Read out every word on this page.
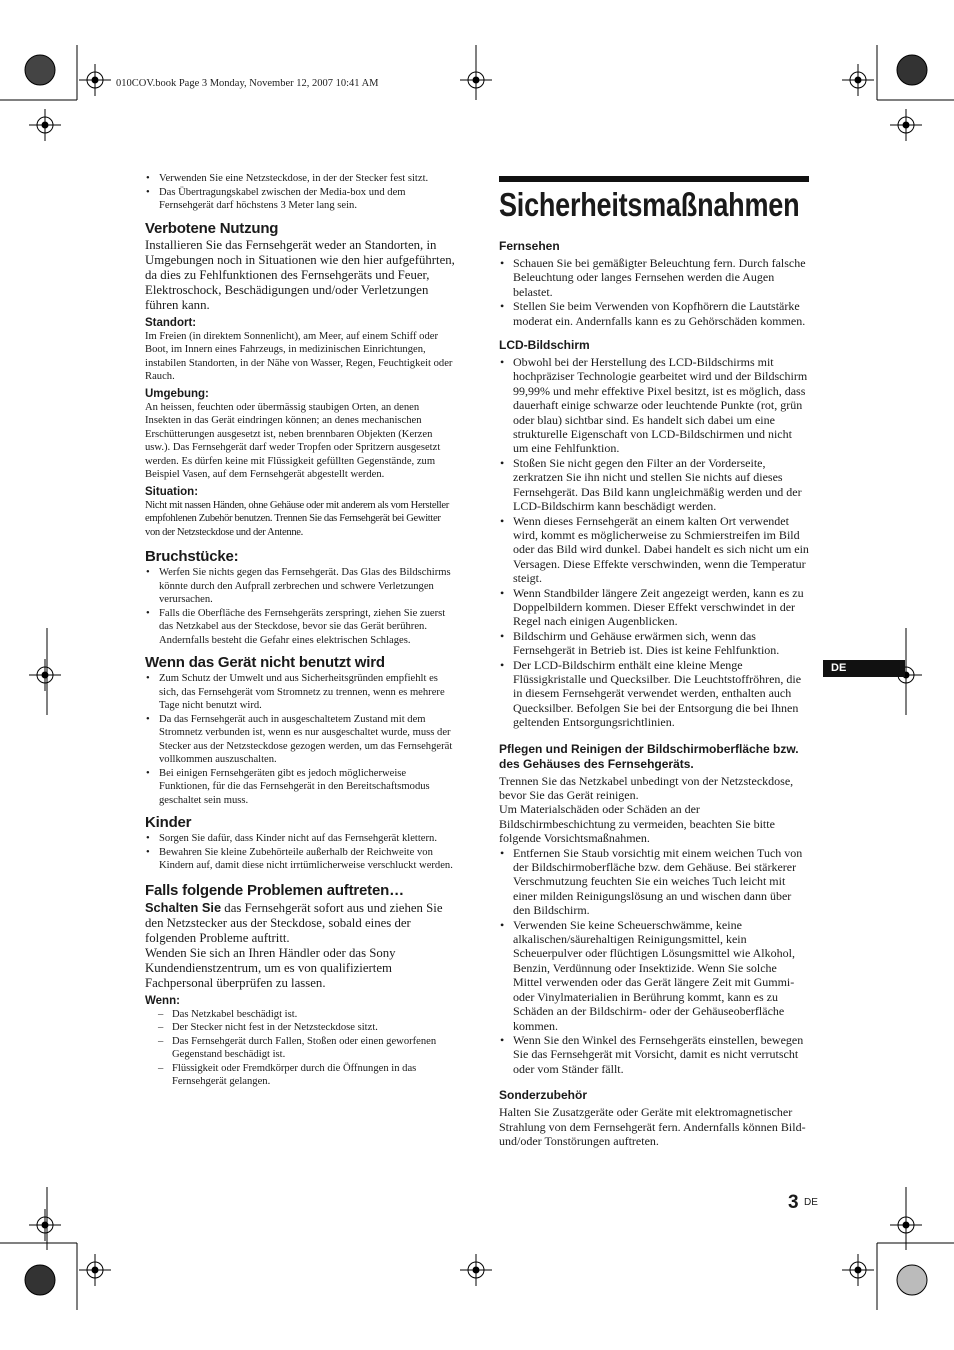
010COV.book Page 3 Monday, November 12, 2007 10:41 AM
• Verwenden Sie eine Netzsteckdose, in der der Stecker fest sitzt.
• Das Übertragungskabel zwischen der Media-box und dem Fernsehgerät darf höchstens 3 Meter lang sein.
Verbotene Nutzung
Installieren Sie das Fernsehgerät weder an Standorten, in Umgebungen noch in Situationen wie den hier aufgeführten, da dies zu Fehlfunktionen des Fernsehgeräts und Feuer, Elektroschock, Beschädigungen und/oder Verletzungen führen kann.
Standort:
Im Freien (in direktem Sonnenlicht), am Meer, auf einem Schiff oder Boot, im Innern eines Fahrzeugs, in medizinischen Einrichtungen, instabilen Standorten, in der Nähe von Wasser, Regen, Feuchtigkeit oder Rauch.
Umgebung:
An heissen, feuchten oder übermässig staubigen Orten, an denen Insekten in das Gerät eindringen können; an denes mechanischen Erschütterungen ausgesetzt ist, neben brennbaren Objekten (Kerzen usw.). Das Fernsehgerät darf weder Tropfen oder Spritzern ausgesetzt werden. Es dürfen keine mit Flüssigkeit gefüllten Gegenstände, zum Beispiel Vasen, auf dem Fernsehgerät abgestellt werden.
Situation:
Nicht mit nassen Händen, ohne Gehäuse oder mit anderem als vom Hersteller empfohlenen Zubehör benutzen. Trennen Sie das Fernsehgerät bei Gewitter von der Netzsteckdose und der Antenne.
Bruchstücke:
• Werfen Sie nichts gegen das Fernsehgerät. Das Glas des Bildschirms könnte durch den Aufprall zerbrechen und schwere Verletzungen verursachen.
• Falls die Oberfläche des Fernsehgeräts zerspringt, ziehen Sie zuerst das Netzkabel aus der Steckdose, bevor sie das Gerät berühren. Andernfalls besteht die Gefahr eines elektrischen Schlages.
Wenn das Gerät nicht benutzt wird
• Zum Schutz der Umwelt und aus Sicherheitsgründen empfiehlt es sich, das Fernsehgerät vom Stromnetz zu trennen, wenn es mehrere Tage nicht benutzt wird.
• Da das Fernsehgerät auch in ausgeschaltetem Zustand mit dem Stromnetz verbunden ist, wenn es nur ausgeschaltet wurde, muss der Stecker aus der Netzsteckdose gezogen werden, um das Fernsehgerät vollkommen auszuschalten.
• Bei einigen Fernsehgeräten gibt es jedoch möglicherweise Funktionen, für die das Fernsehgerät in den Bereitschaftsmodus geschaltet sein muss.
Kinder
• Sorgen Sie dafür, dass Kinder nicht auf das Fernsehgerät klettern.
• Bewahren Sie kleine Zubehörteile außerhalb der Reichweite von Kindern auf, damit diese nicht irrtümlicherweise verschluckt werden.
Falls folgende Problemen auftreten…
Schalten Sie das Fernsehgerät sofort aus und ziehen Sie den Netzstecker aus der Steckdose, sobald eines der folgenden Probleme auftritt.
Wenden Sie sich an Ihren Händler oder das Sony Kundendienstzentrum, um es von qualifiziertem Fachpersonal überprüfen zu lassen.
Wenn:
– Das Netzkabel beschädigt ist.
– Der Stecker nicht fest in der Netzsteckdose sitzt.
– Das Fernsehgerät durch Fallen, Stoßen oder einen geworfenen Gegenstand beschädigt ist.
– Flüssigkeit oder Fremdkörper durch die Öffnungen in das Fernsehgerät gelangen.
Sicherheitsmaßnahmen
Fernsehen
• Schauen Sie bei gemäßigter Beleuchtung fern. Durch falsche Beleuchtung oder langes Fernsehen werden die Augen belastet.
• Stellen Sie beim Verwenden von Kopfhörern die Lautstärke moderat ein. Andernfalls kann es zu Gehörschäden kommen.
LCD-Bildschirm
• Obwohl bei der Herstellung des LCD-Bildschirms mit hochpräziser Technologie gearbeitet wird und der Bildschirm 99,99% und mehr effektive Pixel besitzt, ist es möglich, dass dauerhaft einige schwarze oder leuchtende Punkte (rot, grün oder blau) sichtbar sind. Es handelt sich dabei um eine strukturelle Eigenschaft von LCD-Bildschirmen und nicht um eine Fehlfunktion.
• Stoßen Sie nicht gegen den Filter an der Vorderseite, zerkratzen Sie ihn nicht und stellen Sie nichts auf dieses Fernsehgerät. Das Bild kann ungleichmäßig werden und der LCD-Bildschirm kann beschädigt werden.
• Wenn dieses Fernsehgerät an einem kalten Ort verwendet wird, kommt es möglicherweise zu Schmierstreifen im Bild oder das Bild wird dunkel. Dabei handelt es sich nicht um ein Versagen. Diese Effekte verschwinden, wenn die Temperatur steigt.
• Wenn Standbilder längere Zeit angezeigt werden, kann es zu Doppelbildern kommen. Dieser Effekt verschwindet in der Regel nach einigen Augenblicken.
• Bildschirm und Gehäuse erwärmen sich, wenn das Fernsehgerät in Betrieb ist. Dies ist keine Fehlfunktion.
• Der LCD-Bildschirm enthält eine kleine Menge Flüssigkristalle und Quecksilber. Die Leuchtstoffröhren, die in diesem Fernsehgerät verwendet werden, enthalten auch Quecksilber. Befolgen Sie bei der Entsorgung die bei Ihnen geltenden Entsorgungsrichtlinien.
Pflegen und Reinigen der Bildschirmoberfläche bzw. des Gehäuses des Fernsehgeräts.
Trennen Sie das Netzkabel unbedingt von der Netzsteckdose, bevor Sie das Gerät reinigen.
Um Materialschäden oder Schäden an der Bildschirmbeschichtung zu vermeiden, beachten Sie bitte folgende Vorsichtsmaßnahmen.
• Entfernen Sie Staub vorsichtig mit einem weichen Tuch von der Bildschirmoberfläche bzw. dem Gehäuse. Bei stärkerer Verschmutzung feuchten Sie ein weiches Tuch leicht mit einer milden Reinigungslösung an und wischen dann über den Bildschirm.
• Verwenden Sie keine Scheuerschwämme, keine alkalischen/säurehaltigen Reinigungsmittel, kein Scheuerpulver oder flüchtigen Lösungsmittel wie Alkohol, Benzin, Verdünnung oder Insektizide. Wenn Sie solche Mittel verwenden oder das Gerät längere Zeit mit Gummi- oder Vinylmaterialien in Berührung kommt, kann es zu Schäden an der Bildschirm- oder der Gehäuseoberfläche kommen.
• Wenn Sie den Winkel des Fernsehgeräts einstellen, bewegen Sie das Fernsehgerät mit Vorsicht, damit es nicht verrutscht oder vom Ständer fällt.
Sonderzubehör
Halten Sie Zusatzgeräte oder Geräte mit elektromagnetischer Strahlung von dem Fernsehgerät fern. Andernfalls können Bild- und/oder Tonstörungen auftreten.
DE
3 DE
